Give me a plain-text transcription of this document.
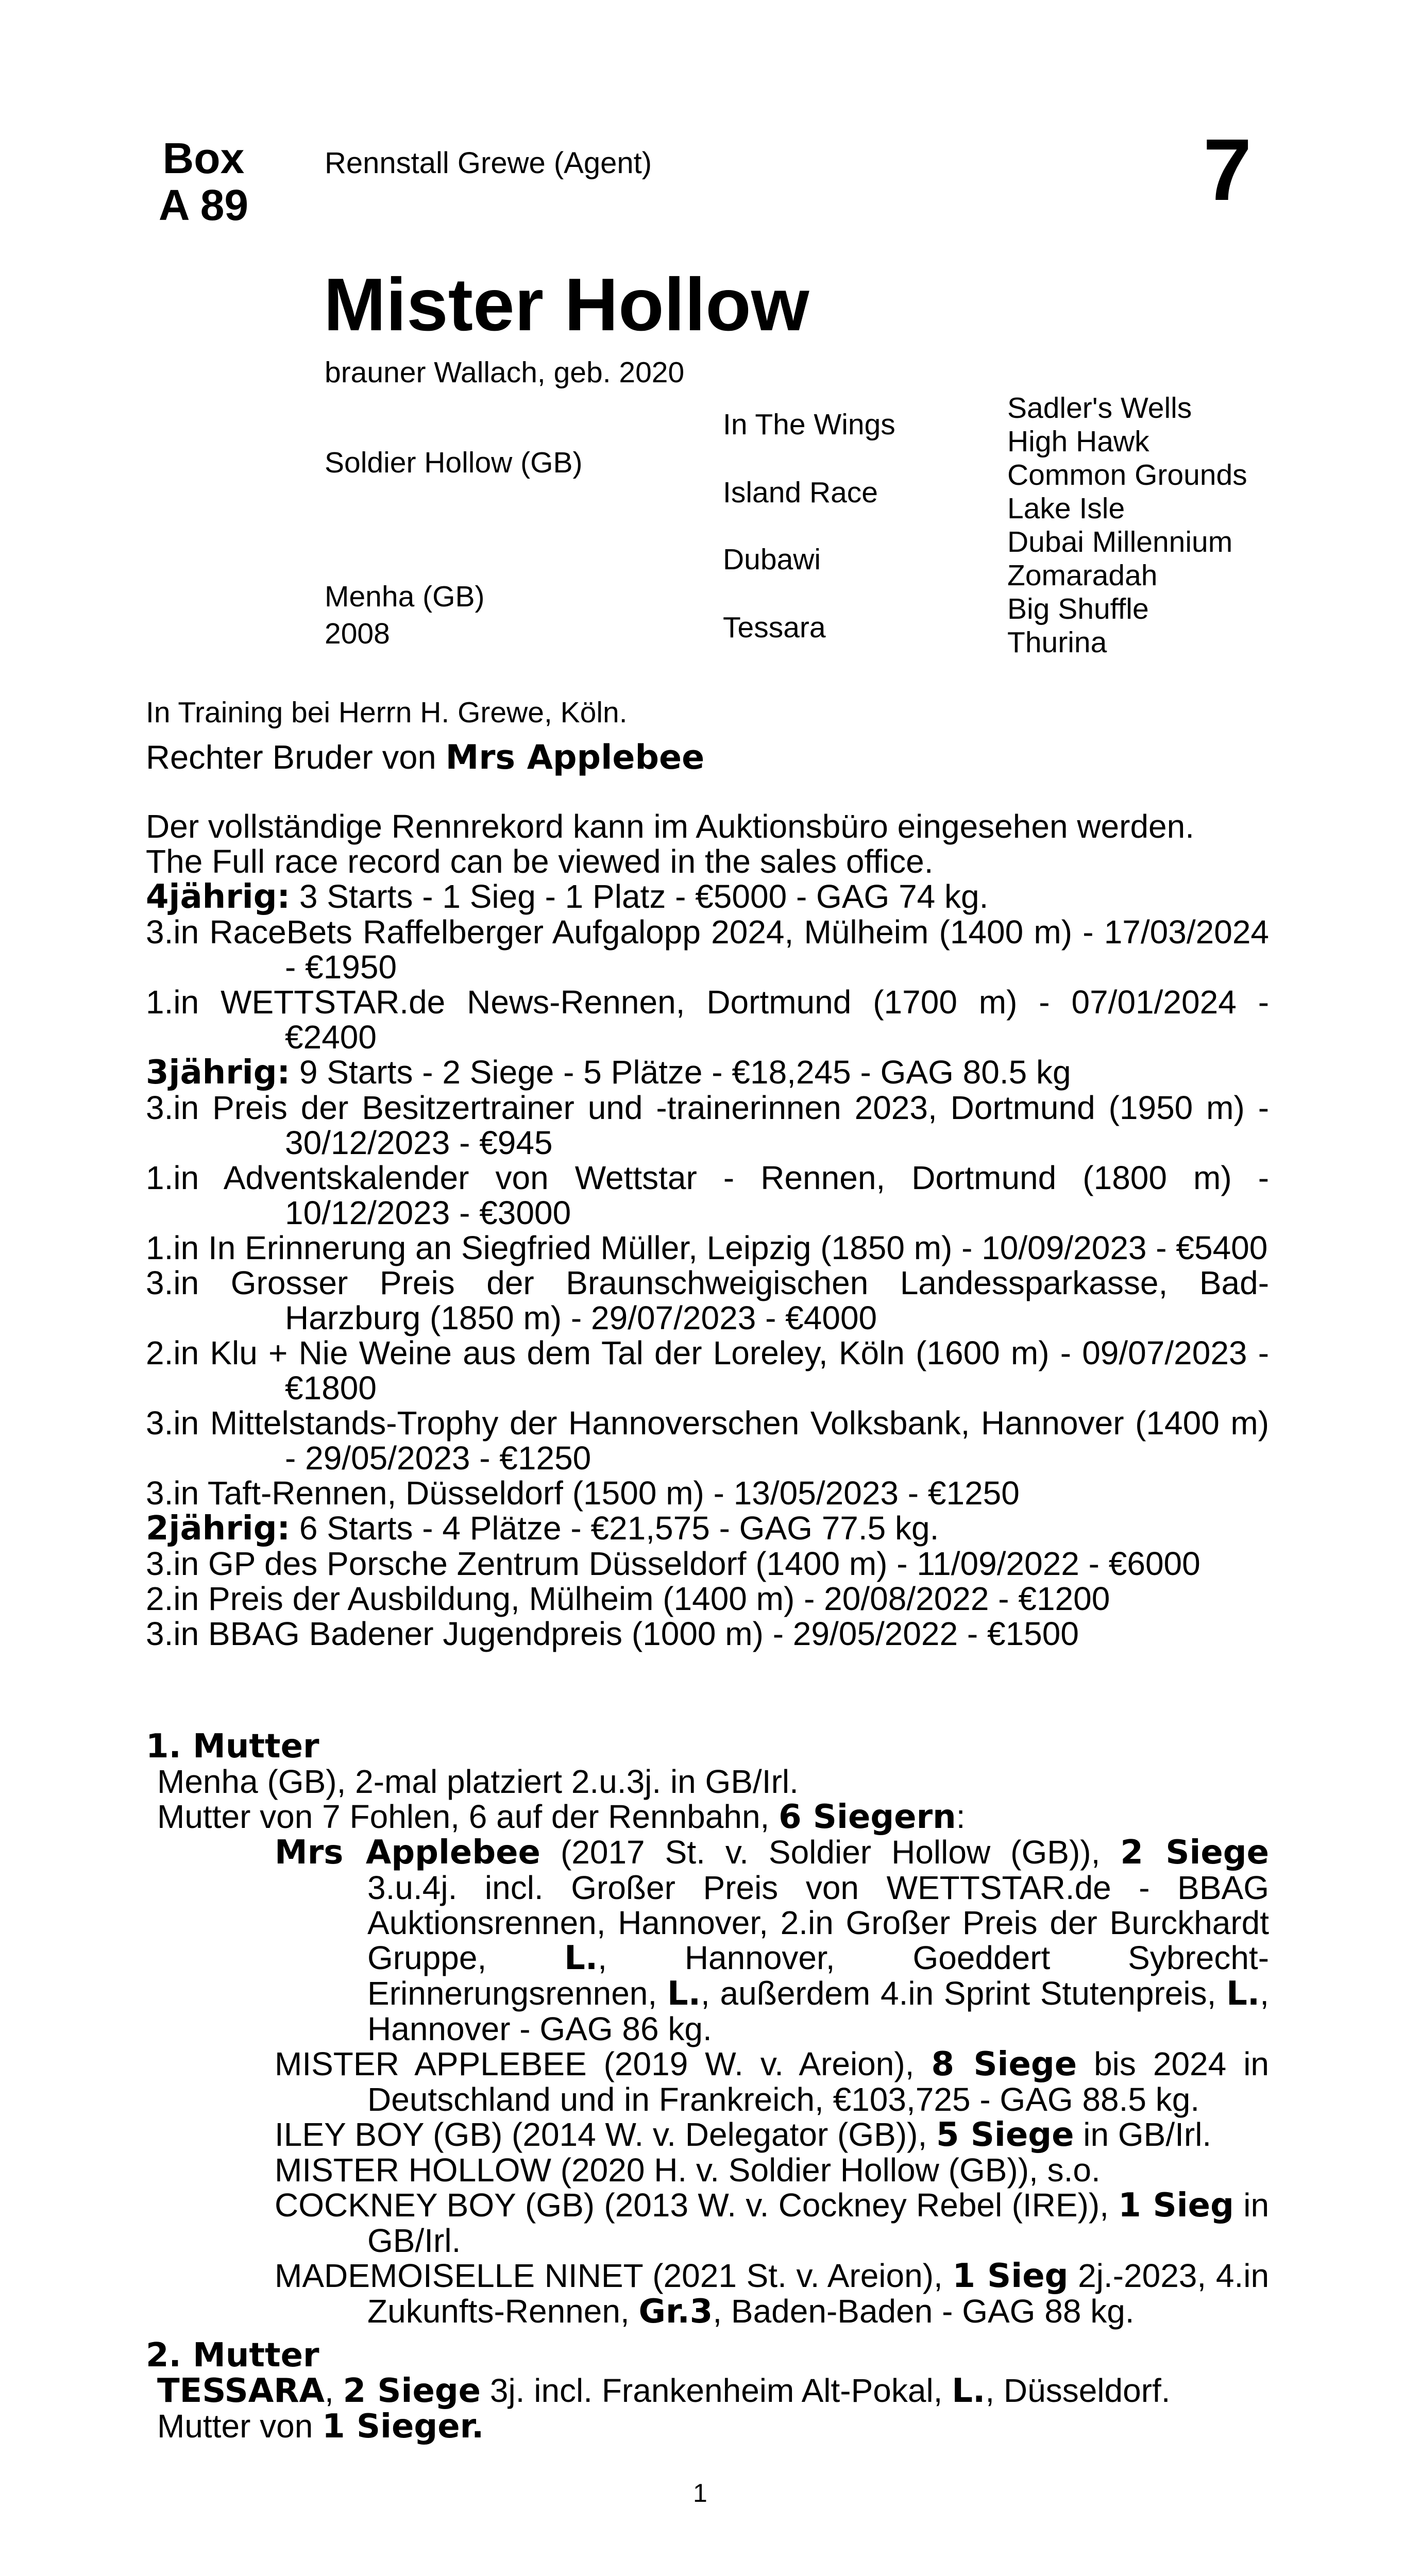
Box
A 89
Rennstall Grewe (Agent)	7
Mister Hollow
brauner Wallach, geb. 2020
Soldier Hollow (GB)
Menha (GB)
2008
In The Wings
Island Race
Dubawi
Tessara
Sadler's Wells
High Hawk
Common Grounds
Lake Isle
Dubai Millennium
Zomaradah
Big Shuffle
Thurina
In Training bei Herrn H. Grewe, Köln.
Rechter Bruder von Mrs Applebee
Der vollständige Rennrekord kann im Auktionsbüro eingesehen werden.
The Full race record can be viewed in the sales office.
4jährig: 3 Starts - 1 Sieg - 1 Platz - €5000 - GAG 74 kg.
3.in RaceBets Raffelberger Aufgalopp 2024, Mülheim (1400 m) - 17/03/2024 - €1950
1.in WETTSTAR.de News-Rennen, Dortmund (1700 m) - 07/01/2024 - €2400
3jährig: 9 Starts - 2 Siege - 5 Plätze - €18,245 - GAG 80.5 kg
3.in Preis der Besitzertrainer und -trainerinnen 2023, Dortmund (1950 m) - 30/12/2023 - €945
1.in Adventskalender von Wettstar - Rennen, Dortmund (1800 m) - 10/12/2023 - €3000
1.in In Erinnerung an Siegfried Müller, Leipzig (1850 m) - 10/09/2023 - €5400
3.in Grosser Preis der Braunschweigischen Landessparkasse, Bad-Harzburg (1850 m) - 29/07/2023 - €4000
2.in Klu + Nie Weine aus dem Tal der Loreley, Köln (1600 m) - 09/07/2023 - €1800
3.in Mittelstands-Trophy der Hannoverschen Volksbank, Hannover (1400 m) - 29/05/2023 - €1250
3.in Taft-Rennen, Düsseldorf (1500 m) - 13/05/2023 - €1250
2jährig: 6 Starts - 4 Plätze - €21,575 - GAG 77.5 kg.
3.in GP des Porsche Zentrum Düsseldorf (1400 m) - 11/09/2022 - €6000
2.in Preis der Ausbildung, Mülheim (1400 m) - 20/08/2022 - €1200
3.in BBAG Badener Jugendpreis (1000 m) - 29/05/2022 - €1500
1. Mutter
Menha (GB), 2-mal platziert 2.u.3j. in GB/Irl.
Mutter von 7 Fohlen, 6 auf der Rennbahn, 6 Siegern:
Mrs Applebee (2017 St. v. Soldier Hollow (GB)), 2 Siege 3.u.4j. incl. Großer Preis von WETTSTAR.de - BBAG Auktionsrennen, Hannover, 2.in Großer Preis der Burckhardt Gruppe, L., Hannover, Goeddert Sybrecht-Erinnerungsrennen, L., außerdem 4.in Sprint Stutenpreis, L., Hannover - GAG 86 kg.
MISTER APPLEBEE (2019 W. v. Areion), 8 Siege bis 2024 in Deutschland und in Frankreich, €103,725 - GAG 88.5 kg.
ILEY BOY (GB) (2014 W. v. Delegator (GB)), 5 Siege in GB/Irl.
MISTER HOLLOW (2020 H. v. Soldier Hollow (GB)), s.o.
COCKNEY BOY (GB) (2013 W. v. Cockney Rebel (IRE)), 1 Sieg in GB/Irl.
MADEMOISELLE NINET (2021 St. v. Areion), 1 Sieg 2j.-2023, 4.in Zukunfts-Rennen, Gr.3, Baden-Baden - GAG 88 kg.
2. Mutter
TESSARA, 2 Siege 3j. incl. Frankenheim Alt-Pokal, L., Düsseldorf.
Mutter von 1 Sieger.
1
